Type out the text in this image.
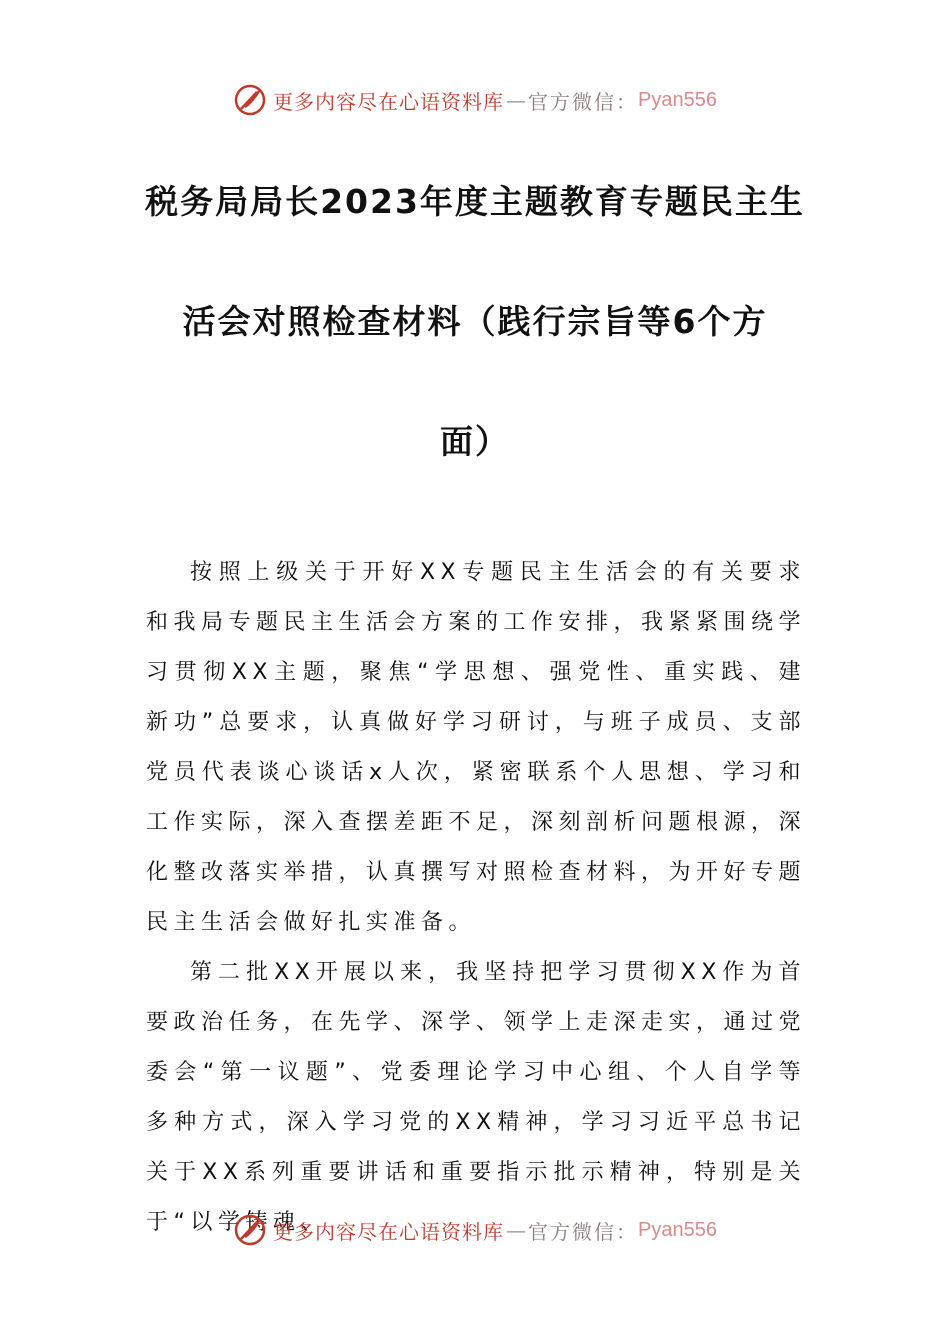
更多内容尽在心语资料库 — 官方微信： Pyan556
税务局局长2023年度主题教育专题民主生
活会对照检查材料（践行宗旨等6个方
面）

按照上级关于开好XX专题民主生活会的有关要求和我局专题民主生活会方案的工作安排，我紧紧围绕学习贯彻XX主题，聚焦“学思想、强党性、重实践、建新功”总要求，认真做好学习研讨，与班子成员、支部党员代表谈心谈话x人次，紧密联系个人思想、学习和工作实际，深入查摆差距不足，深刻剖析问题根源，深化整改落实举措，认真撰写对照检查材料，为开好专题民主生活会做好扎实准备。

第二批XX开展以来，我坚持把学习贯彻XX作为首要政治任务，在先学、深学、领学上走深走实，通过党委会“第一议题”、党委理论学习中心组、个人自学等多种方式，深入学习党的XX精神，学习习近平总书记关于XX系列重要讲话和重要指示批示精神，特别是关于“以学铸魂、

更多内容尽在心语资料库 — 官方微信： Pyan556
